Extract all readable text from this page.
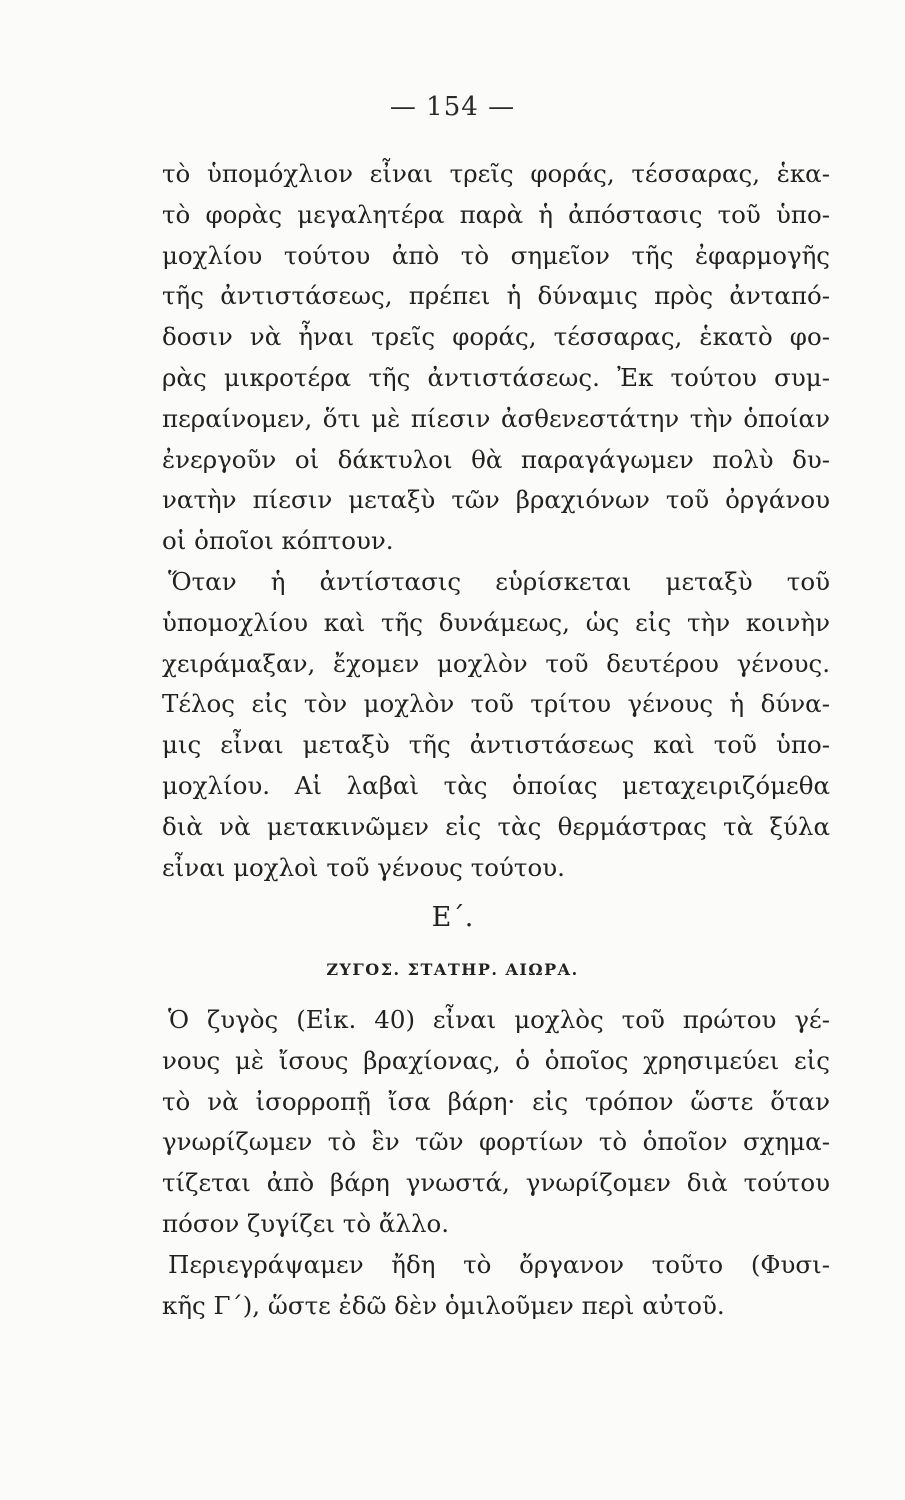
— 154 —
τὸ ὑπομόχλιον εἶναι τρεῖς φοράς, τέσσαρας, ἑκα-
τὸ φορὰς μεγαλητέρα παρὰ ἡ ἀπόστασις τοῦ ὑπο-
μοχλίου τούτου ἀπὸ τὸ σημεῖον τῆς ἐφαρμογῆς
τῆς ἀντιστάσεως, πρέπει ἡ δύναμις πρὸς ἀνταπό-
δοσιν νὰ ἦναι τρεῖς φοράς, τέσσαρας, ἑκατὸ φο-
ρὰς μικροτέρα τῆς ἀντιστάσεως. Ἐκ τούτου συμ-
περαίνομεν, ὅτι μὲ πίεσιν ἀσθενεστάτην τὴν ὁποίαν
ἐνεργοῦν οἱ δάκτυλοι θὰ παραγάγωμεν πολὺ δυ-
νατὴν πίεσιν μεταξὺ τῶν βραχιόνων τοῦ ὀργάνου
οἱ ὁποῖοι κόπτουν.
Ὅταν ἡ ἀντίστασις εὑρίσκεται μεταξὺ τοῦ
ὑπομοχλίου καὶ τῆς δυνάμεως, ὡς εἰς τὴν κοινὴν
χειράμαξαν, ἔχομεν μοχλὸν τοῦ δευτέρου γένους.
Τέλος εἰς τὸν μοχλὸν τοῦ τρίτου γένους ἡ δύνα-
μις εἶναι μεταξὺ τῆς ἀντιστάσεως καὶ τοῦ ὑπο-
μοχλίου. Αἱ λαβαὶ τὰς ὁποίας μεταχειριζόμεθα
διὰ νὰ μετακινῶμεν εἰς τὰς θερμάστρας τὰ ξύλα
εἶναι μοχλοὶ τοῦ γένους τούτου.
Ε΄.
ΖΥΓΟΣ. ΣΤΑΤΗΡ. ΑΙΩΡΑ.
Ὁ ζυγὸς (Εἰκ. 40) εἶναι μοχλὸς τοῦ πρώτου γέ-
νους μὲ ἴσους βραχίονας, ὁ ὁποῖος χρησιμεύει εἰς
τὸ νὰ ἰσορροπῇ ἴσα βάρη· εἰς τρόπον ὥστε ὅταν
γνωρίζωμεν τὸ ἓν τῶν φορτίων τὸ ὁποῖον σχημα-
τίζεται ἀπὸ βάρη γνωστά, γνωρίζομεν διὰ τούτου
πόσον ζυγίζει τὸ ἄλλο.
Περιεγράψαμεν ἤδη τὸ ὄργανον τοῦτο (Φυσι-
κῆς Γ΄), ὥστε ἐδῶ δὲν ὁμιλοῦμεν περὶ αὐτοῦ.
